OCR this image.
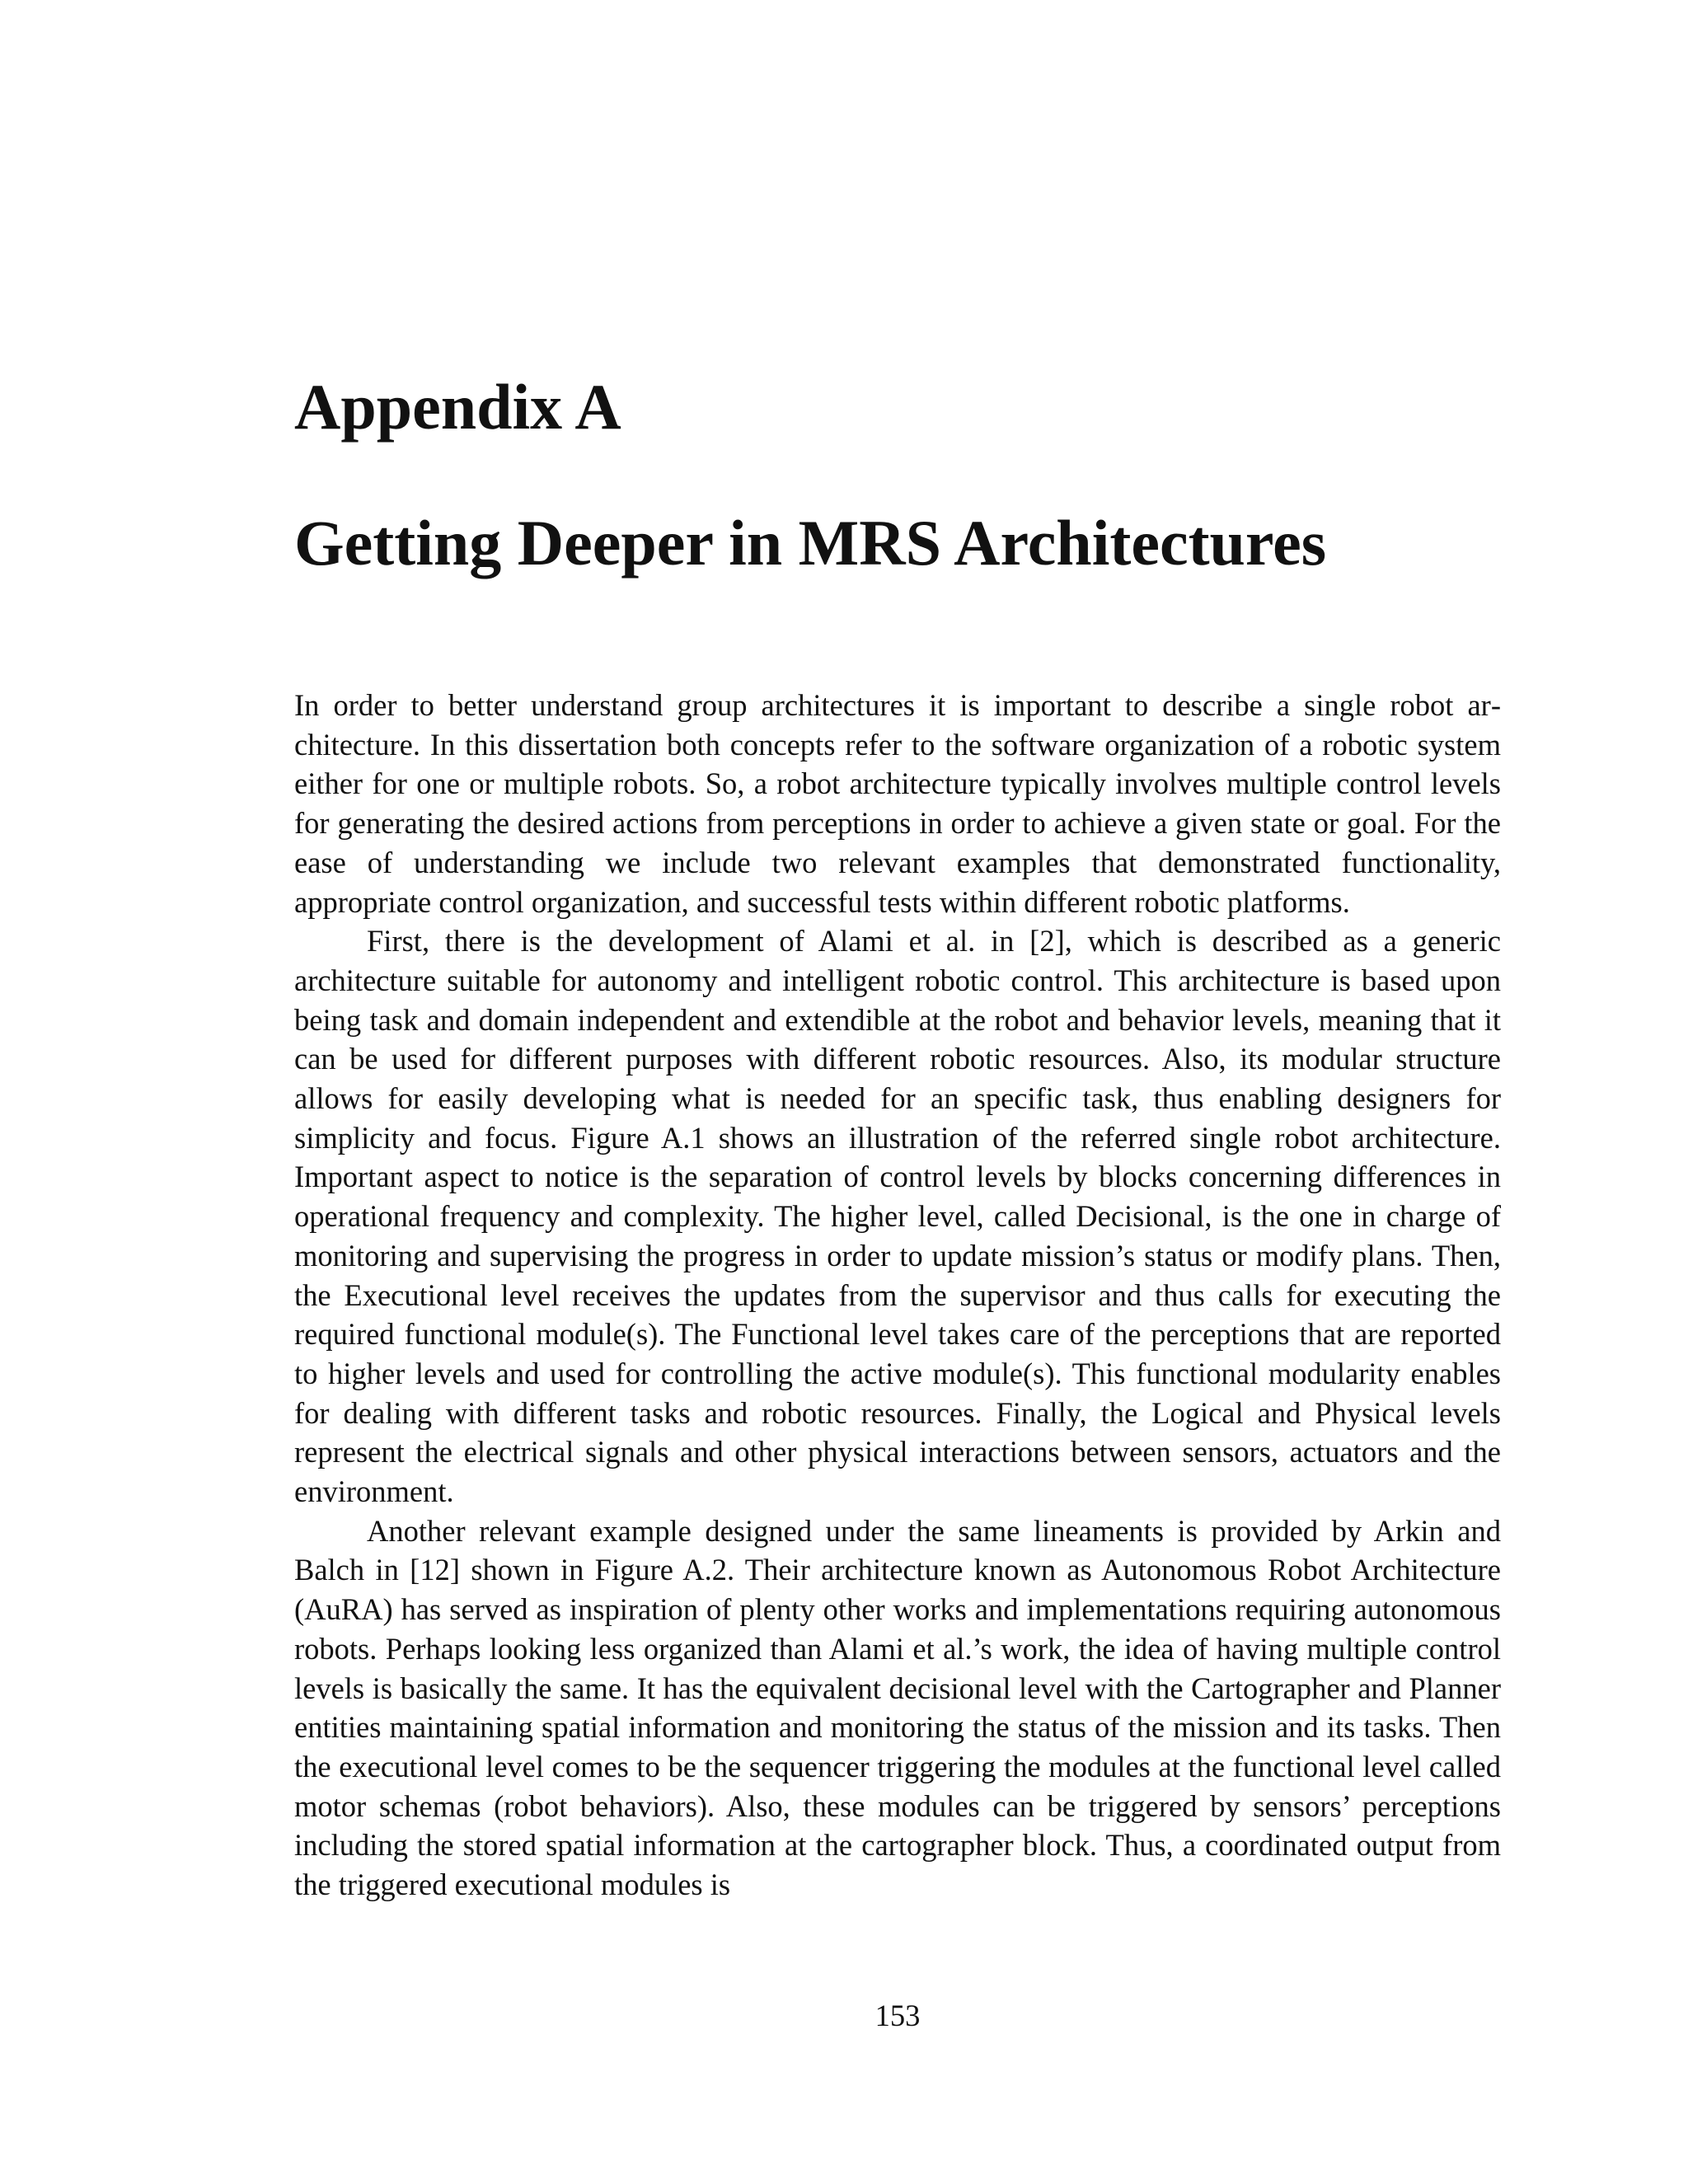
Appendix A
Getting Deeper in MRS Architectures

In order to better understand group architectures it is important to describe a single robot architecture. In this dissertation both concepts refer to the software organization of a robotic system either for one or multiple robots. So, a robot architecture typically involves multiple control levels for generating the desired actions from perceptions in order to achieve a given state or goal. For the ease of understanding we include two relevant examples that demonstrated functionality, appropriate control organization, and successful tests within different robotic platforms.

First, there is the development of Alami et al. in [2], which is described as a generic architecture suitable for autonomy and intelligent robotic control. This architecture is based upon being task and domain independent and extendible at the robot and behavior levels, meaning that it can be used for different purposes with different robotic resources. Also, its modular structure allows for easily developing what is needed for an specific task, thus enabling designers for simplicity and focus. Figure A.1 shows an illustration of the referred single robot architecture. Important aspect to notice is the separation of control levels by blocks concerning differences in operational frequency and complexity. The higher level, called Decisional, is the one in charge of monitoring and supervising the progress in order to update mission’s status or modify plans. Then, the Executional level receives the updates from the supervisor and thus calls for executing the required functional module(s). The Functional level takes care of the perceptions that are reported to higher levels and used for controlling the active module(s). This functional modularity enables for dealing with different tasks and robotic resources. Finally, the Logical and Physical levels represent the electrical signals and other physical interactions between sensors, actuators and the environment.

Another relevant example designed under the same lineaments is provided by Arkin and Balch in [12] shown in Figure A.2. Their architecture known as Autonomous Robot Architecture (AuRA) has served as inspiration of plenty other works and implementations requiring autonomous robots. Perhaps looking less organized than Alami et al.’s work, the idea of having multiple control levels is basically the same. It has the equivalent decisional level with the Cartographer and Planner entities maintaining spatial information and monitoring the status of the mission and its tasks. Then the executional level comes to be the sequencer triggering the modules at the functional level called motor schemas (robot behaviors). Also, these modules can be triggered by sensors’ perceptions including the stored spatial information at the cartographer block. Thus, a coordinated output from the triggered executional modules is

153
